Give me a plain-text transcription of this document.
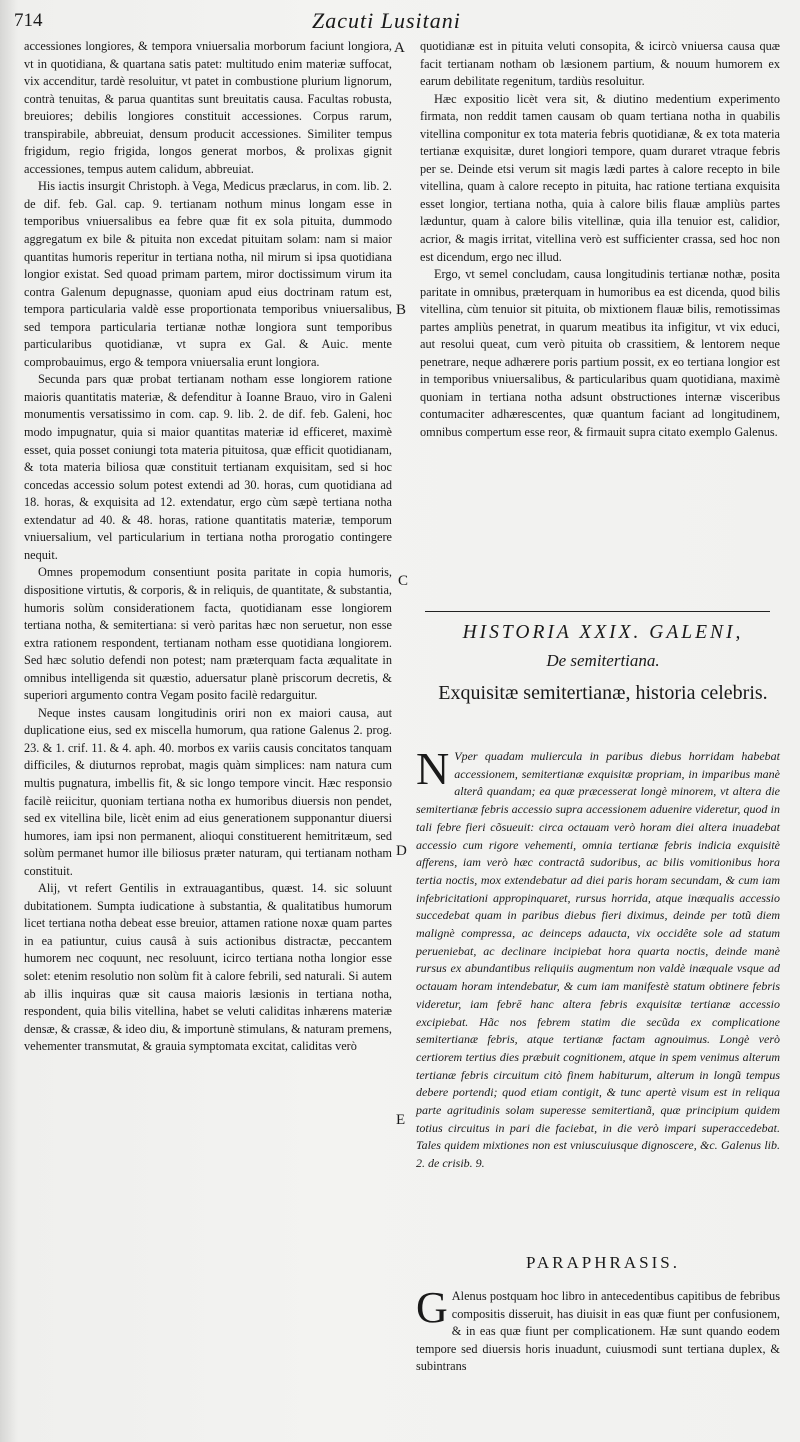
714	Zacuti Lusitani

accessiones longiores, & tempora vniuersalia morborum faciunt longiora, vt in quotidiana, & quartana satis patet: multitudo enim materiæ suffocat, vix accenditur, tardè resoluitur, vt patet in combustione plurium lignorum, contrà tenuitas, & parua quantitas sunt breuitatis causa. Facultas robusta, breuiores; debilis longiores constituit accessiones. Corpus rarum, transpirabile, abbreuiat, densum producit accessiones. Similiter tempus frigidum, regio frigida, longos generat morbos, & prolixas gignit accessiones, tempus autem calidum, abbreuiat.

His iactis insurgit Christoph. à Vega, Medicus præclarus, in com. lib. 2. de dif. feb. Gal. cap. 9. tertianam nothum minus longam esse in temporibus vniuersalibus ea febre quæ fit ex sola pituita, dummodo aggregatum ex bile & pituita non excedat pituitam solam: nam si maior quantitas humoris reperitur in tertiana notha, nil mirum si ipsa quotidiana longior existat. Sed quoad primam partem, miror doctissimum virum ita contra Galenum depugnasse, quoniam apud eius doctrinam ratum est, tempora particularia valdè esse proportionata temporibus vniuersalibus, sed tempora particularia tertianæ nothæ longiora sunt temporibus particularibus quotidianæ, vt supra ex Gal. & Auic. mente comprobauimus, ergo & tempora vniuersalia erunt longiora.

Secunda pars quæ probat tertianam notham esse longiorem ratione maioris quantitatis materiæ, & defenditur à Ioanne Brauo, viro in Galeni monumentis versatissimo in com. cap. 9. lib. 2. de dif. feb. Galeni, hoc modo impugnatur, quia si maior quantitas materiæ id efficeret, maximè esset, quia posset coniungi tota materia pituitosa, quæ efficit quotidianam, & tota materia biliosa quæ constituit tertianam exquisitam, sed si hoc concedas accessio solum potest extendi ad 30. horas, cum quotidiana ad 18. horas, & exquisita ad 12. extendatur, ergo cùm sæpè tertiana notha extendatur ad 40. & 48. horas, ratione quantitatis materiæ, temporum vniuersalium, vel particularium in tertiana notha prorogatio contingere nequit.

Omnes propemodum consentiunt posita paritate in copia humoris, dispositione virtutis, & corporis, & in reliquis, de quantitate, & substantia, humoris solùm considerationem facta, quotidianam esse longiorem tertiana notha, & semitertiana: si verò paritas hæc non seruetur, non esse extra rationem respondent, tertianam notham esse quotidiana longiorem. Sed hæc solutio defendi non potest; nam præterquam facta æqualitate in omnibus intelligenda sit quæstio, aduersatur planè priscorum decretis, & superiori argumento contra Vegam posito facilè redarguitur.

Neque instes causam longitudinis oriri non ex maiori causa, aut duplicatione eius, sed ex miscella humorum, qua ratione Galenus 2. prog. 23. & 1. crif. 11. & 4. aph. 40. morbos ex variis causis concitatos tanquam difficiles, & diuturnos reprobat, magis quàm simplices: nam natura cum multis pugnatura, imbellis fit, & sic longo tempore vincit. Hæc responsio facilè reiicitur, quoniam tertiana notha ex humoribus diuersis non pendet, sed ex vitellina bile, licèt enim ad eius generationem supponantur diuersi humores, iam ipsi non permanent, alioqui constituerent hemitritæum, sed solùm permanet humor ille biliosus præter naturam, qui tertianam notham constituit.

Alij, vt refert Gentilis in extrauagantibus, quæst. 14. sic soluunt dubitationem. Sumpta iudicatione à substantia, & qualitatibus humorum licet tertiana notha debeat esse breuior, attamen ratione noxæ quam partes in ea patiuntur, cuius causâ à suis actionibus distractæ, peccantem humorem nec coquunt, nec resoluunt, icirco tertiana notha longior esse solet: etenim resolutio non solùm fit à calore febrili, sed naturali. Si autem ab illis inquiras quæ sit causa maioris læsionis in tertiana notha, respondent, quia bilis vitellina, habet se veluti caliditas inhærens materiæ densæ, & crassæ, & ideo diu, & importunè stimulans, & naturam premens, vehementer transmutat, & grauia symptomata excitat, caliditas verò

A
B
C
D
E

quotidianæ est in pituita veluti consopita, & icircò vniuersa causa quæ facit tertianam notham ob læsionem partium, & nouum humorem ex earum debilitate regenitum, tardiùs resoluitur.

Hæc expositio licèt vera sit, & diutino medentium experimento firmata, non reddit tamen causam ob quam tertiana notha in quabilis vitellina componitur ex tota materia febris quotidianæ, & ex tota materia tertianæ exquisitæ, duret longiori tempore, quam duraret vtraque febris per se. Deinde etsi verum sit magis lædi partes à calore recepto in bile vitellina, quam à calore recepto in pituita, hac ratione tertiana exquisita esset longior, tertiana notha, quia à calore bilis flauæ ampliùs partes læduntur, quam à calore bilis vitellinæ, quia illa tenuior est, calidior, acrior, & magis irritat, vitellina verò est sufficienter crassa, sed hoc non est dicendum, ergo nec illud.

Ergo, vt semel concludam, causa longitudinis tertianæ nothæ, posita paritate in omnibus, præterquam in humoribus ea est dicenda, quod bilis vitellina, cùm tenuior sit pituita, ob mixtionem flauæ bilis, remotissimas partes ampliùs penetrat, in quarum meatibus ita infigitur, vt vix educi, aut resolui queat, cum verò pituita ob crassitiem, & lentorem neque penetrare, neque adhærere poris partium possit, ex eo tertiana longior est in temporibus vniuersalibus, & particularibus quam quotidiana, maximè quoniam in tertiana notha adsunt obstructiones internæ visceribus contumaciter adhærescentes, quæ quantum faciant ad longitudinem, omnibus compertum esse reor, & firmauit supra citato exemplo Galenus.

HISTORIA XXIX. GALENI,
De semitertiana.
Exquisitæ semitertianæ, historia celebris.

N Vper quadam muliercula in paribus diebus horridam habebat accessionem, semitertianæ exquisitæ propriam, in imparibus manè alterâ quandam; ea quæ præcesserat longè minorem, vt altera die semitertianæ febris accessio supra accessionem aduenire videretur, quod in tali febre fieri cõsueuit: circa octauam verò horam diei altera inuadebat accessio cum rigore vehementi, omnia tertianæ febris indicia exquisitè afferens, iam verò hæc contractâ sudoribus, ac bilis vomitionibus hora tertia noctis, mox extendebatur ad diei paris horam secundam, & cum iam infebricitationi appropinquaret, rursus horrida, atque inæqualis accessio succedebat quam in paribus diebus fieri diximus, deinde per totũ diem malignè compressa, ac deinceps adaucta, vix occidête sole ad statum perueniebat, ac declinare incipiebat hora quarta noctis, deinde manè rursus ex abundantibus reliquiis augmentum non valdè inæquale vsque ad octauam horam intendebatur, & cum iam manifestè statum obtinere febris videretur, iam febrē hanc altera febris exquisitæ tertianæ accessio excipiebat. Hãc nos febrem statim die secũda ex complicatione semitertianæ febris, atque tertianæ factam agnouimus. Longè verò certiorem tertius dies præbuit cognitionem, atque in spem venimus alterum tertianæ febris circuitum citò finem habiturum, alterum in longũ tempus debere portendi; quod etiam contigit, & tunc apertè visum est in reliqua parte agritudinis solam superesse semitertianã, quæ principium quidem totius circuitus in pari die faciebat, in die verò impari superaccedebat. Tales quidem mixtiones non est vniuscuiusque dignoscere, &c. Galenus lib. 2. de crisib. 9.

PARAPHRASIS.

G Alenus postquam hoc libro in antecedentibus capitibus de febribus compositis disseruit, has diuisit in eas quæ fiunt per confusionem, & in eas quæ fiunt per complicationem. Hæ sunt quando eodem tempore sed diuersis horis inuadunt, cuiusmodi sunt tertiana duplex, & subintrans
